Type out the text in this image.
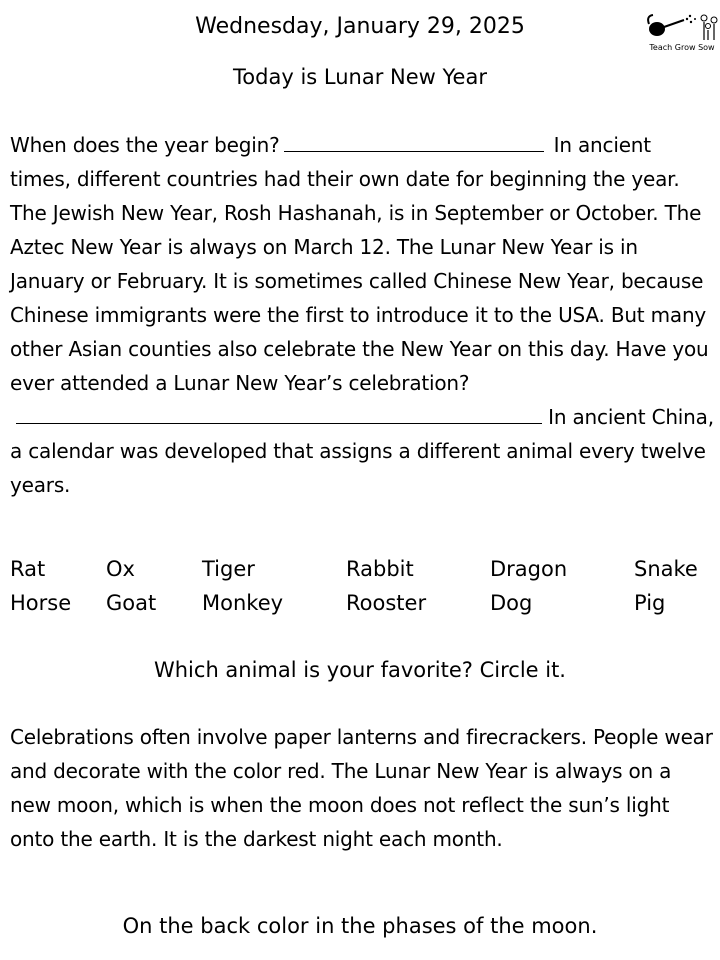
Wednesday, January 29, 2025
Teach Grow Sow
Today is Lunar New Year
When does the year begin?	In ancient times, different countries had their own date for beginning the year. The Jewish New Year, Rosh Hashanah, is in September or October. The Aztec New Year is always on March 12. The Lunar New Year is in January or February. It is sometimes called Chinese New Year, because Chinese immigrants were the first to introduce it to the USA. But many other Asian counties also celebrate the New Year on this day. Have you ever attended a Lunar New Year’s celebration? In ancient China, a calendar was developed that assigns a different animal every twelve years.
Rat	Ox	Tiger	Rabbit	Dragon	Snake
Horse	Goat	Monkey	Rooster	Dog	Pig
Which animal is your favorite? Circle it.
Celebrations often involve paper lanterns and firecrackers. People wear and decorate with the color red. The Lunar New Year is always on a new moon, which is when the moon does not reflect the sun’s light onto the earth. It is the darkest night each month.
On the back color in the phases of the moon.
